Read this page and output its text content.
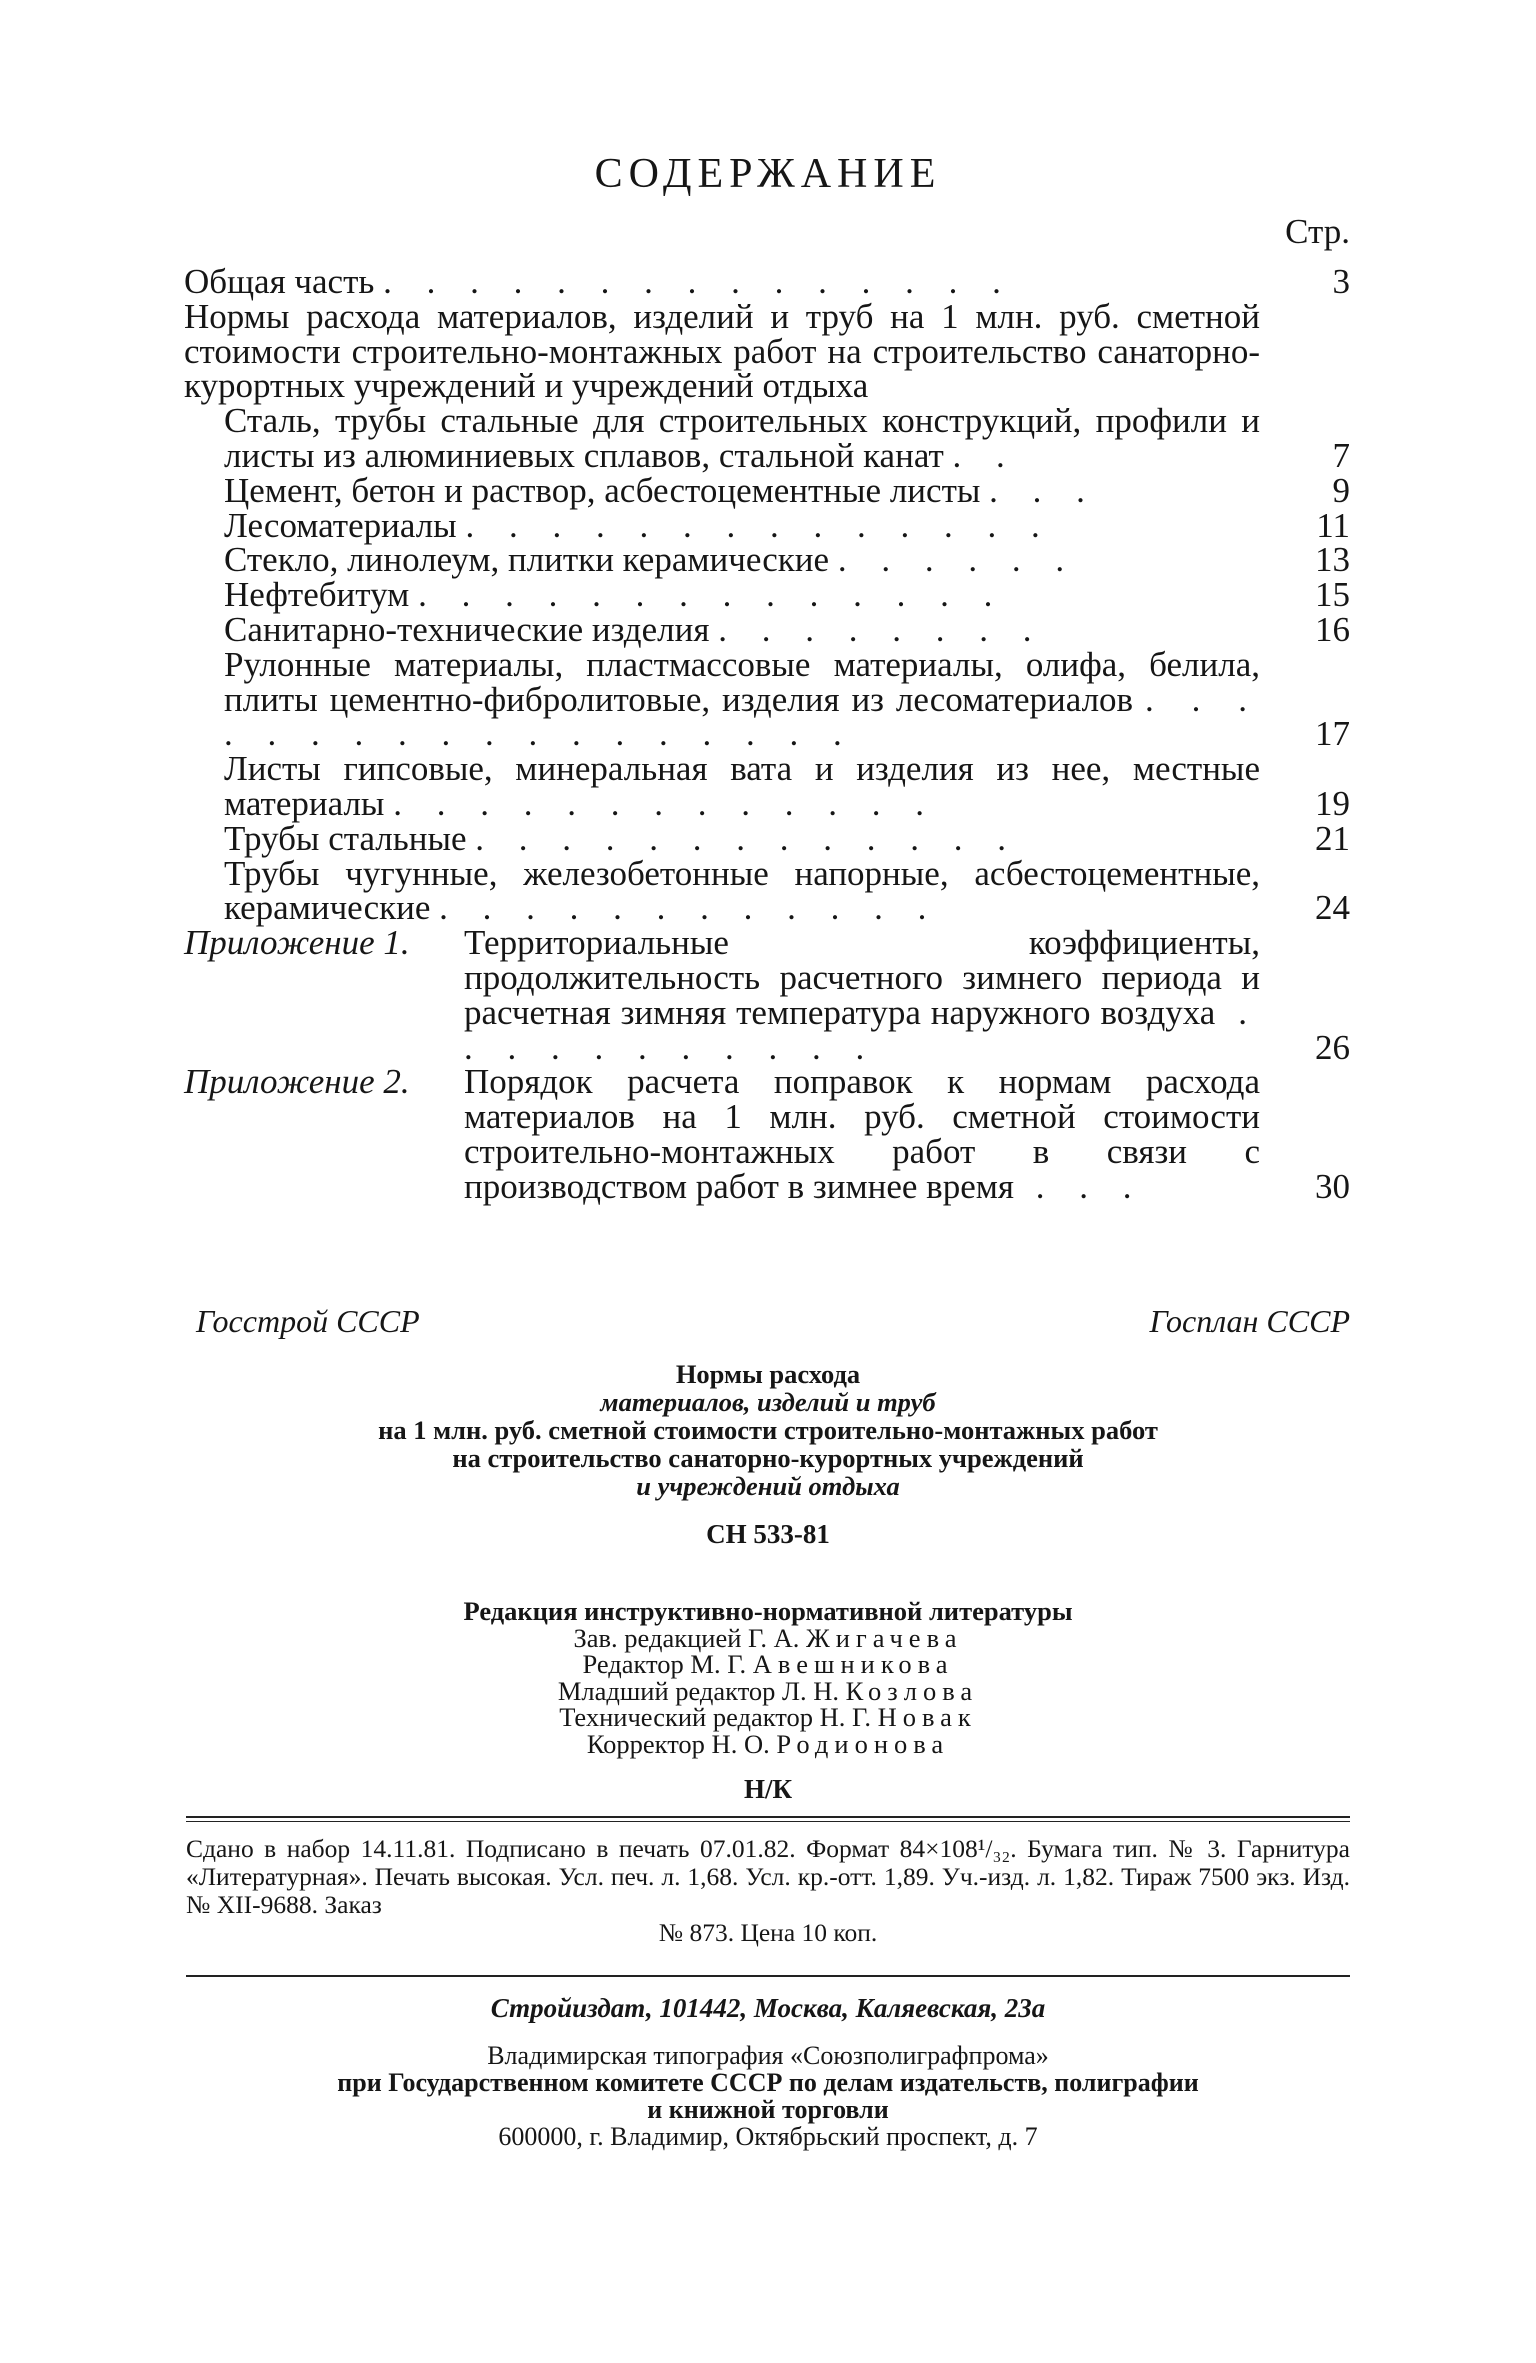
СОДЕРЖАНИЕ
Стр.
Общая часть . . . . . . . . . . . . . . .	3
Нормы расхода материалов, изделий и труб на 1 млн. руб. сметной стоимости строительно-монтажных работ на строительство санаторно-курортных учреждений и учреждений отдыха
Сталь, трубы стальные для строительных конструкций, профили и листы из алюминиевых сплавов, стальной канат . .	7
Цемент, бетон и раствор, асбестоцементные листы . . .	9
Лесоматериалы . . . . . . . . . . . . . .	11
Стекло, линолеум, плитки керамические . . . . . .	13
Нефтебитум . . . . . . . . . . . . . .	15
Санитарно-технические изделия . . . . . . . .	16
Рулонные материалы, пластмассовые материалы, олифа, белила, плиты цементно-фибролитовые, изделия из лесоматериалов . . . . . . . . . . . . . . . . . .	17
Листы гипсовые, минеральная вата и изделия из нее, местные материалы . . . . . . . . . . . . .	19
Трубы стальные . . . . . . . . . . . . .	21
Трубы чугунные, железобетонные напорные, асбестоцементные, керамические . . . . . . . . . . . .	24
Приложение 1.	Территориальные коэффициенты, продолжительность расчетного зимнего периода и расчетная зимняя температура наружного воздуха . . . . . . . . . . .	26
Приложение 2.	Порядок расчета поправок к нормам расхода материалов на 1 млн. руб. сметной стоимости строительно-монтажных работ в связи с производством работ в зимнее время . . .	30
Госстрой СССР	Госплан СССР
Нормы расхода
материалов, изделий и труб
на 1 млн. руб. сметной стоимости строительно-монтажных работ
на строительство санаторно-курортных учреждений
и учреждений отдыха
СН 533-81
Редакция инструктивно-нормативной литературы
Зав. редакцией Г. А. Жигачева
Редактор М. Г. Авешникова
Младший редактор Л. Н. Козлова
Технический редактор Н. Г. Новак
Корректор Н. О. Родионова
Н/К
Сдано в набор 14.11.81. Подписано в печать 07.01.82. Формат 84×108¹/₃₂. Бумага тип. № 3. Гарнитура «Литературная». Печать высокая. Усл. печ. л. 1,68. Усл. кр.-отт. 1,89. Уч.-изд. л. 1,82. Тираж 7500 экз. Изд. № XII-9688. Заказ
№ 873. Цена 10 коп.
Стройиздат, 101442, Москва, Каляевская, 23а
Владимирская типография «Союзполиграфпрома»
при Государственном комитете СССР по делам издательств, полиграфии
и книжной торговли
600000, г. Владимир, Октябрьский проспект, д. 7
